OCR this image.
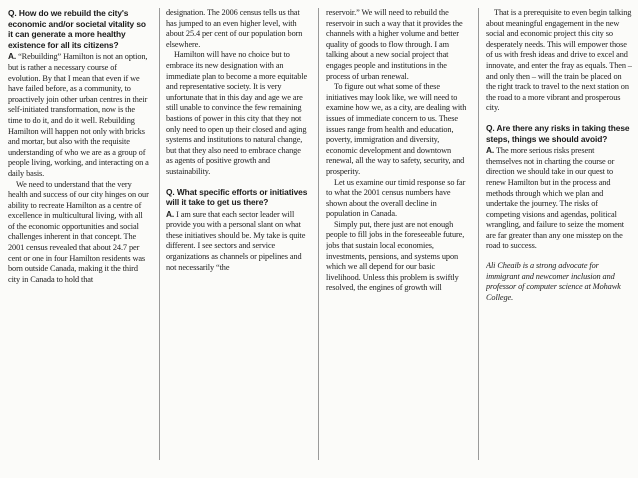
Q. How do we rebuild the city's economic and/or societal vitality so it can generate a more healthy existence for all its citizens?

A. “Rebuilding” Hamilton is not an option, but is rather a necessary course of evolution. By that I mean that even if we have failed before, as a community, to proactively join other urban centres in their self-initiated transformation, now is the time to do it, and do it well. Rebuilding Hamilton will happen not only with bricks and mortar, but also with the requisite understanding of who we are as a group of people living, working, and interacting on a daily basis.

We need to understand that the very health and success of our city hinges on our ability to recreate Hamilton as a centre of excellence in multicultural living, with all of the economic opportunities and social challenges inherent in that concept. The 2001 census revealed that about 24.7 per cent or one in four Hamilton residents was born outside Canada, making it the third city in Canada to hold that

designation. The 2006 census tells us that has jumped to an even higher level, with about 25.4 per cent of our population born elsewhere.

Hamilton will have no choice but to embrace its new designation with an immediate plan to become a more equitable and representative society. It is very unfortunate that in this day and age we are still unable to convince the few remaining bastions of power in this city that they not only need to open up their closed and aging systems and institutions to natural change, but that they also need to embrace change as agents of positive growth and sustainability.

Q. What specific efforts or initiatives will it take to get us there?

A. I am sure that each sector leader will provide you with a personal slant on what these initiatives should be. My take is quite different. I see sectors and service organizations as channels or pipelines and not necessarily “the

reservoir.” We will need to rebuild the reservoir in such a way that it provides the channels with a higher volume and better quality of goods to flow through. I am talking about a new social project that engages people and institutions in the process of urban renewal.

To figure out what some of these initiatives may look like, we will need to examine how we, as a city, are dealing with issues of immediate concern to us. These issues range from health and education, poverty, immigration and diversity, economic development and downtown renewal, all the way to safety, security, and prosperity.

Let us examine our timid response so far to what the 2001 census numbers have shown about the overall decline in population in Canada.

Simply put, there just are not enough people to fill jobs in the foreseeable future, jobs that sustain local economies, investments, pensions, and systems upon which we all depend for our basic livelihood. Unless this problem is swiftly resolved, the engines of growth will

That is a prerequisite to even begin talking about meaningful engagement in the new social and economic project this city so desperately needs. This will empower those of us with fresh ideas and drive to excel and innovate, and enter the fray as equals. Then – and only then – will the train be placed on the right track to travel to the next station on the road to a more vibrant and prosperous city.

Q. Are there any risks in taking these steps, things we should avoid?

A. The more serious risks present themselves not in charting the course or direction we should take in our quest to renew Hamilton but in the process and methods through which we plan and undertake the journey. The risks of competing visions and agendas, political wrangling, and failure to seize the moment are far greater than any one misstep on the road to success.

Ali Cheaib is a strong advocate for immigrant and newcomer inclusion and professor of computer science at Mohawk College.
